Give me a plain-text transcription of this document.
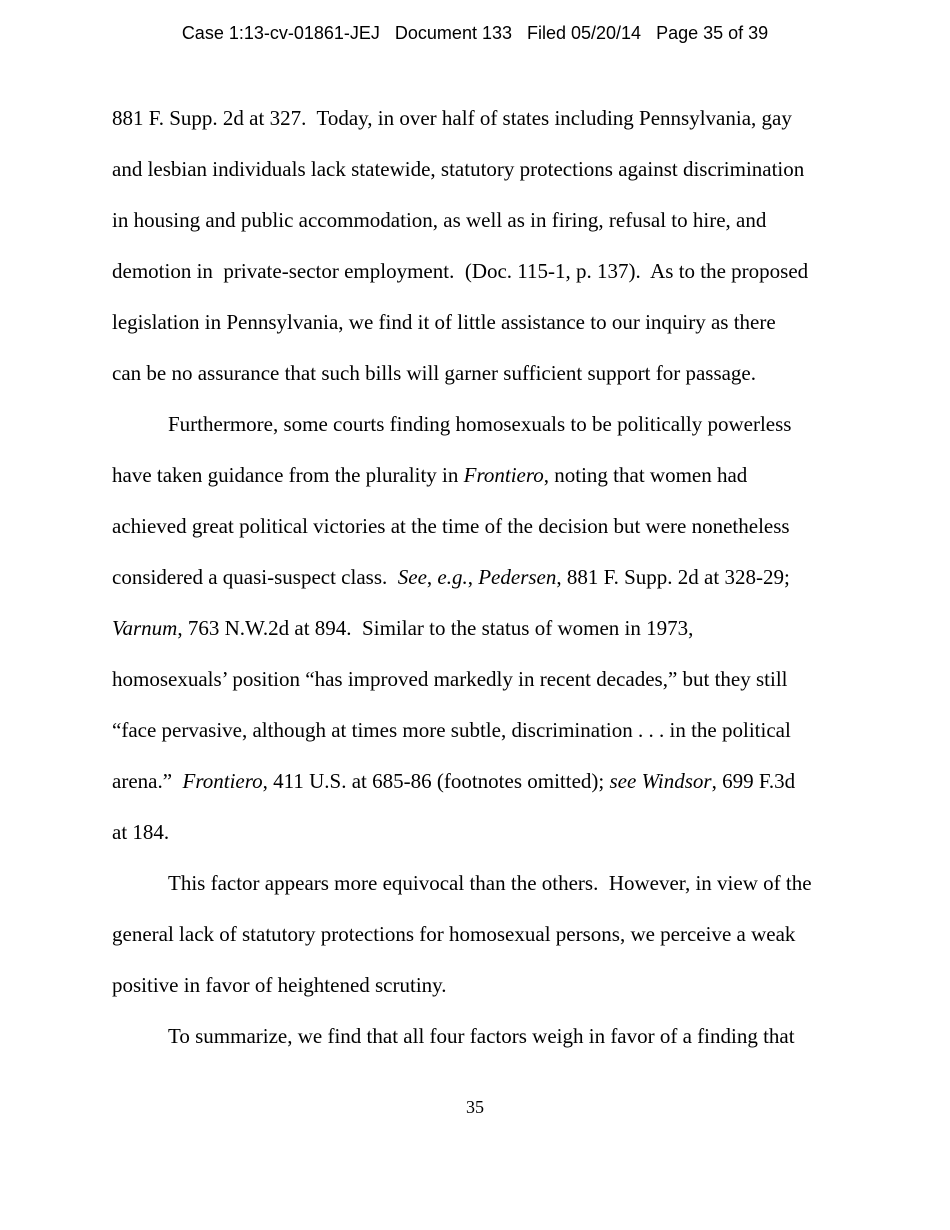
Case 1:13-cv-01861-JEJ   Document 133   Filed 05/20/14   Page 35 of 39
881 F. Supp. 2d at 327.  Today, in over half of states including Pennsylvania, gay
and lesbian individuals lack statewide, statutory protections against discrimination
in housing and public accommodation, as well as in firing, refusal to hire, and
demotion in  private-sector employment.  (Doc. 115-1, p. 137).  As to the proposed
legislation in Pennsylvania, we find it of little assistance to our inquiry as there
can be no assurance that such bills will garner sufficient support for passage.
Furthermore, some courts finding homosexuals to be politically powerless
have taken guidance from the plurality in Frontiero, noting that women had
achieved great political victories at the time of the decision but were nonetheless
considered a quasi-suspect class.  See, e.g., Pedersen, 881 F. Supp. 2d at 328-29;
Varnum, 763 N.W.2d at 894.  Similar to the status of women in 1973,
homosexuals’ position “has improved markedly in recent decades,” but they still
“face pervasive, although at times more subtle, discrimination . . . in the political
arena.”  Frontiero, 411 U.S. at 685-86 (footnotes omitted); see Windsor, 699 F.3d
at 184.
This factor appears more equivocal than the others.  However, in view of the
general lack of statutory protections for homosexual persons, we perceive a weak
positive in favor of heightened scrutiny.
To summarize, we find that all four factors weigh in favor of a finding that
35
